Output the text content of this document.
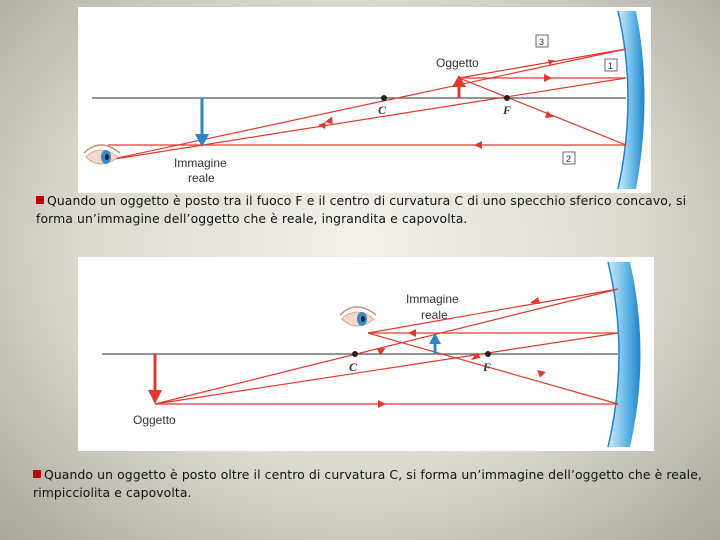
C	F
Oggetto
Immagine
reale
3
1
2
Quando un oggetto è posto tra il fuoco F e il centro di curvatura C di uno specchio sferico concavo, si forma un’immagine dell’oggetto che è reale, ingrandita e capovolta.
C	F
Immagine
reale
Oggetto
Quando un oggetto è posto oltre il centro di curvatura C, si forma un’immagine dell’oggetto che è reale, rimpicciolita e capovolta.
